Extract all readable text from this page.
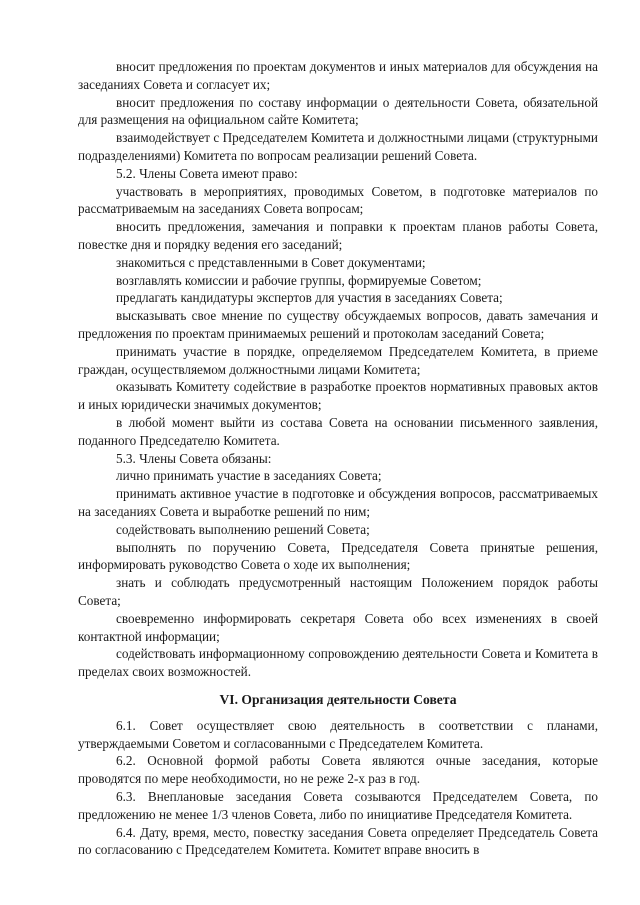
вносит предложения по проектам документов и иных материалов для обсуждения на заседаниях Совета и согласует их;

вносит предложения по составу информации о деятельности Совета, обязательной для размещения на официальном сайте Комитета;

взаимодействует с Председателем Комитета и должностными лицами (структурными подразделениями) Комитета по вопросам реализации решений Совета.

5.2. Члены Совета имеют право:

участвовать в мероприятиях, проводимых Советом, в подготовке материалов по рассматриваемым на заседаниях Совета вопросам;

вносить предложения, замечания и поправки к проектам планов работы Совета, повестке дня и порядку ведения его заседаний;

знакомиться с представленными в Совет документами;

возглавлять комиссии и рабочие группы, формируемые Советом;

предлагать кандидатуры экспертов для участия в заседаниях Совета;

высказывать свое мнение по существу обсуждаемых вопросов, давать замечания и предложения по проектам принимаемых решений и протоколам заседаний Совета;

принимать участие в порядке, определяемом Председателем Комитета, в приеме граждан, осуществляемом должностными лицами Комитета;

оказывать Комитету содействие в разработке проектов нормативных правовых актов и иных юридически значимых документов;

в любой момент выйти из состава Совета на основании письменного заявления, поданного Председателю Комитета.

5.3. Члены Совета обязаны:

лично принимать участие в заседаниях Совета;

принимать активное участие в подготовке и обсуждения вопросов, рассматриваемых на заседаниях Совета и выработке решений по ним;

содействовать выполнению решений Совета;

выполнять по поручению Совета, Председателя Совета принятые решения, информировать руководство Совета о ходе их выполнения;

знать и соблюдать предусмотренный настоящим Положением порядок работы Совета;

своевременно информировать секретаря Совета обо всех изменениях в своей контактной информации;

содействовать информационному сопровождению деятельности Совета и Комитета в пределах своих возможностей.

VI. Организация деятельности Совета

6.1. Совет осуществляет свою деятельность в соответствии с планами, утверждаемыми Советом и согласованными с Председателем Комитета.

6.2. Основной формой работы Совета являются очные заседания, которые проводятся по мере необходимости, но не реже 2-х раз в год.

6.3. Внеплановые заседания Совета созываются Председателем Совета, по предложению не менее 1/3 членов Совета, либо по инициативе Председателя Комитета.

6.4. Дату, время, место, повестку заседания Совета определяет Председатель Совета по согласованию с Председателем Комитета. Комитет вправе вносить в
